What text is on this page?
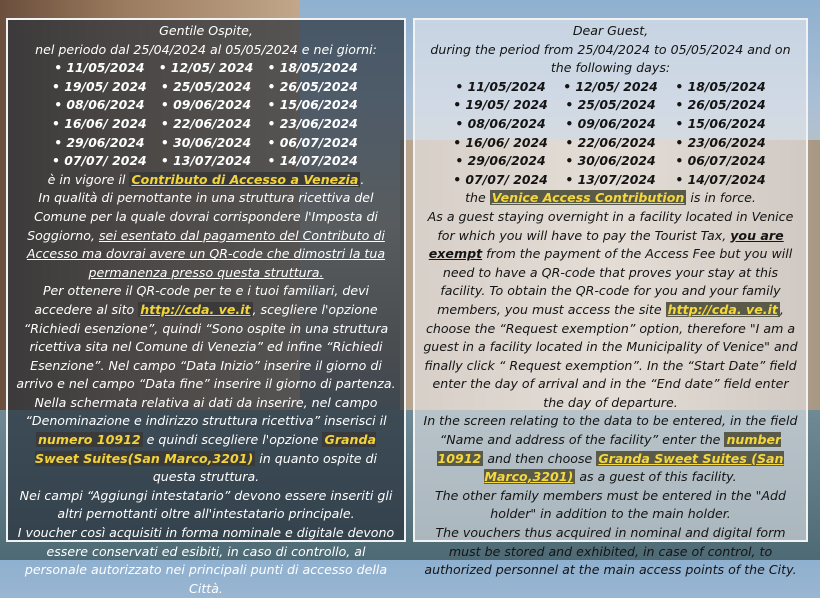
Gentile Ospite,
nel periodo dal 25/04/2024 al 05/05/2024 e nei giorni:
• 11/05/2024	• 12/05/ 2024	• 18/05/2024
• 19/05/ 2024	• 25/05/2024	• 26/05/2024
• 08/06/2024	• 09/06/2024	• 15/06/2024
• 16/06/ 2024	• 22/06/2024	• 23/06/2024
• 29/06/2024	• 30/06/2024	• 06/07/2024
• 07/07/ 2024	• 13/07/2024	• 14/07/2024
è in vigore il Contributo di Accesso a Venezia .
In qualità di pernottante in una struttura ricettiva del Comune per la quale dovrai corrispondere l'Imposta di Soggiorno, sei esentato dal pagamento del Contributo di Accesso ma dovrai avere un QR-code che dimostri la tua permanenza presso questa struttura.
Per ottenere il QR-code per te e i tuoi familiari, devi accedere al sito http://cda. ve.it , scegliere l'opzione “Richiedi esenzione”, quindi “Sono ospite in una struttura ricettiva sita nel Comune di Venezia” ed infine “Richiedi Esenzione”. Nel campo “Data Inizio” inserire il giorno di arrivo e nel campo “Data fine” inserire il giorno di partenza.
Nella schermata relativa ai dati da inserire, nel campo “Denominazione e indirizzo struttura ricettiva” inserisci il numero 10912 e quindi scegliere l'opzione Granda Sweet Suites(San Marco,3201) in quanto ospite di questa struttura.
Nei campi “Aggiungi intestatario” devono essere inseriti gli altri pernottanti oltre all'intestatario principale.
I voucher così acquisiti in forma nominale e digitale devono essere conservati ed esibiti, in caso di controllo, al personale autorizzato nei principali punti di accesso della Città.
Dear Guest,
during the period from 25/04/2024 to 05/05/2024 and on the following days:
• 11/05/2024	• 12/05/ 2024	• 18/05/2024
• 19/05/ 2024	• 25/05/2024	• 26/05/2024
• 08/06/2024	• 09/06/2024	• 15/06/2024
• 16/06/ 2024	• 22/06/2024	• 23/06/2024
• 29/06/2024	• 30/06/2024	• 06/07/2024
• 07/07/ 2024	• 13/07/2024	• 14/07/2024
the Venice Access Contribution is in force.
As a guest staying overnight in a facility located in Venice for which you will have to pay the Tourist Tax, you are exempt from the payment of the Access Fee but you will need to have a QR-code that proves your stay at this facility. To obtain the QR-code for you and your family members, you must access the site http://cda. ve.it , choose the “Request exemption” option, therefore "I am a guest in a facility located in the Municipality of Venice" and finally click “ Request exemption”. In the “Start Date” field enter the day of arrival and in the “End date” field enter the day of departure.
In the screen relating to the data to be entered, in the field “Name and address of the facility” enter the number 10912 and then choose Granda Sweet Suites (San Marco,3201) as a guest of this facility.
The other family members must be entered in the "Add holder" in addition to the main holder.
The vouchers thus acquired in nominal and digital form must be stored and exhibited, in case of control, to authorized personnel at the main access points of the City.
